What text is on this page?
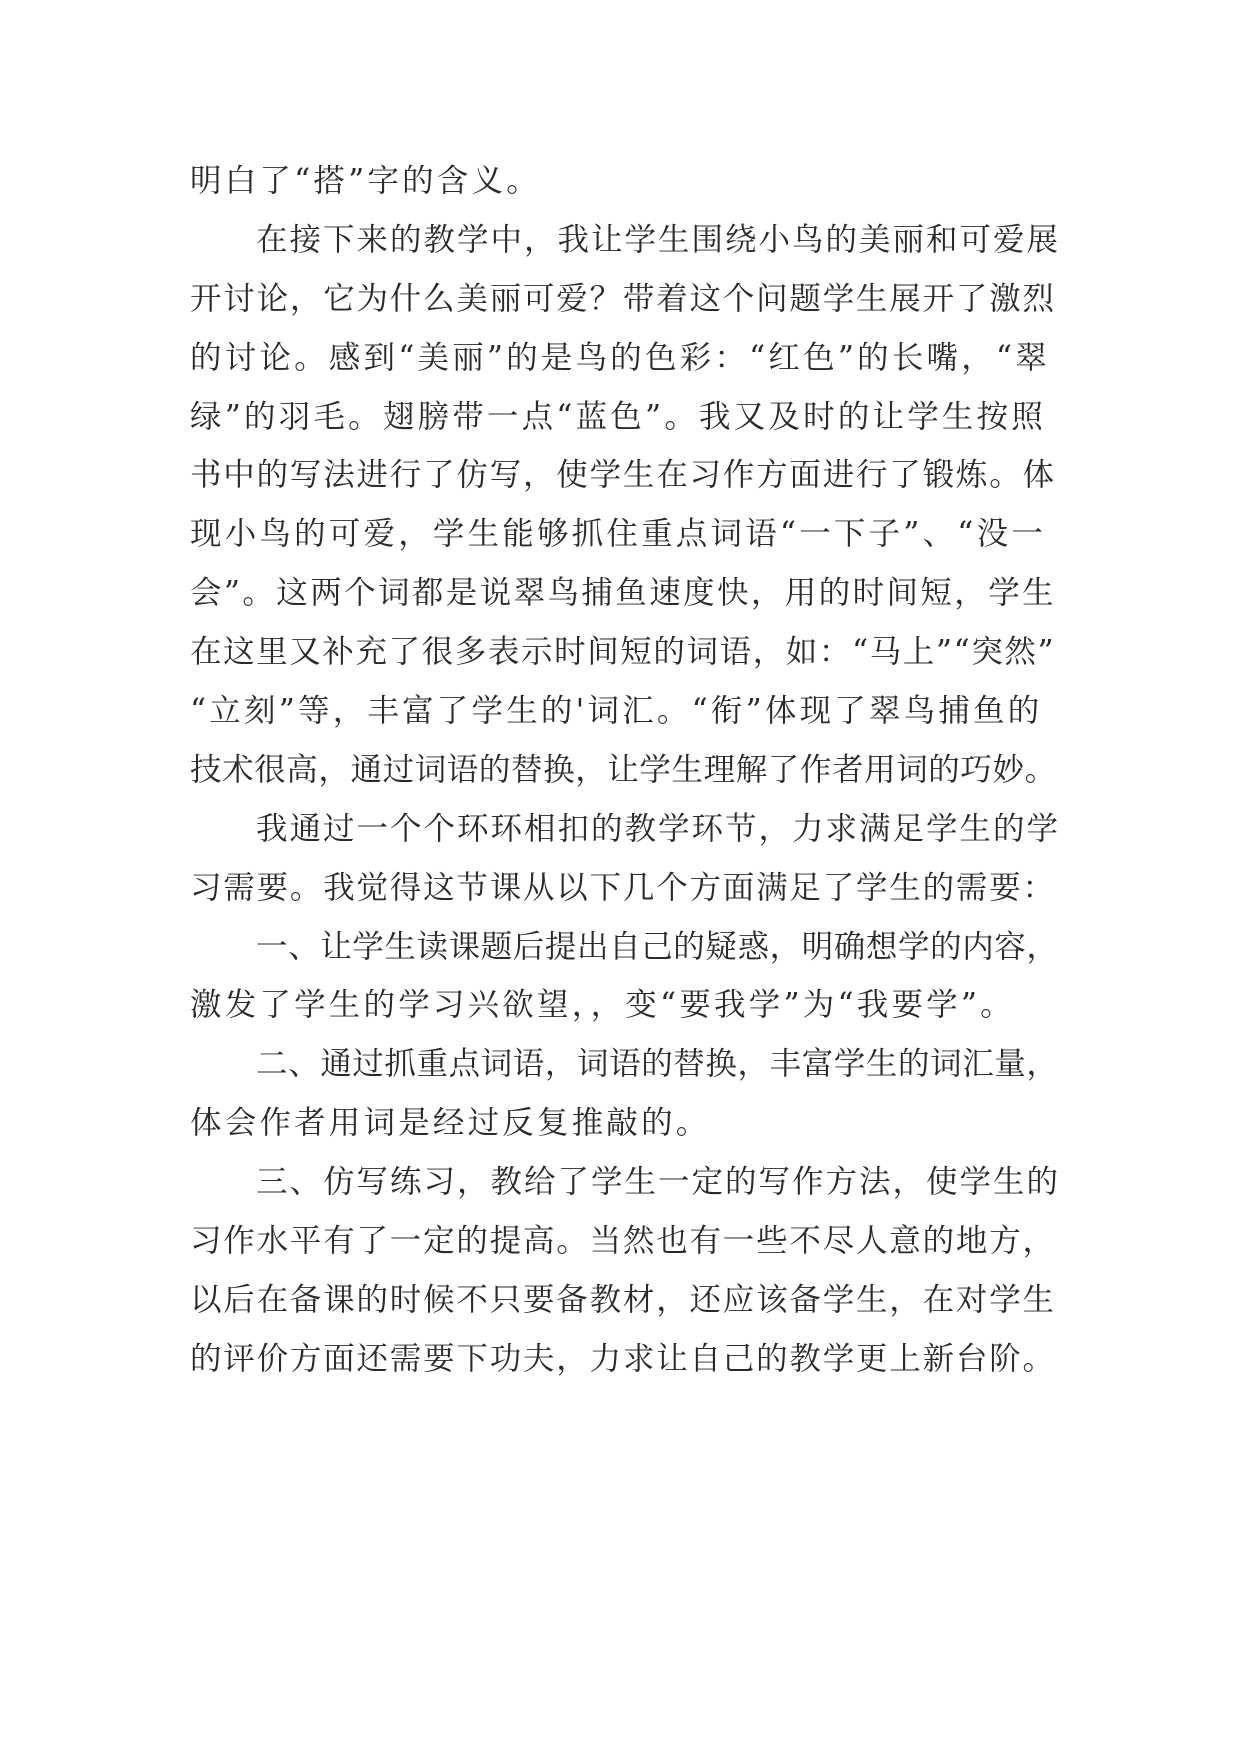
明白了“搭”字的含义。
在接下来的教学中，我让学生围绕小鸟的美丽和可爱展
开讨论，它为什么美丽可爱？带着这个问题学生展开了激烈
的讨论。感到“美丽”的是鸟的色彩：“红色”的长嘴，“翠
绿”的羽毛。翅膀带一点“蓝色”。我又及时的让学生按照
书中的写法进行了仿写，使学生在习作方面进行了锻炼。体
现小鸟的可爱，学生能够抓住重点词语“一下子”、“没一
会”。这两个词都是说翠鸟捕鱼速度快，用的时间短，学生
在这里又补充了很多表示时间短的词语，如：“马上”“突然”
“立刻”等，丰富了学生的'词汇。“衔”体现了翠鸟捕鱼的
技术很高，通过词语的替换，让学生理解了作者用词的巧妙。
我通过一个个环环相扣的教学环节，力求满足学生的学
习需要。我觉得这节课从以下几个方面满足了学生的需要：
一、让学生读课题后提出自己的疑惑，明确想学的内容，
激发了学生的学习兴欲望，，变“要我学”为“我要学”。
二、通过抓重点词语，词语的替换，丰富学生的词汇量，
体会作者用词是经过反复推敲的。
三、仿写练习，教给了学生一定的写作方法，使学生的
习作水平有了一定的提高。当然也有一些不尽人意的地方，
以后在备课的时候不只要备教材，还应该备学生，在对学生
的评价方面还需要下功夫，力求让自己的教学更上新台阶。
